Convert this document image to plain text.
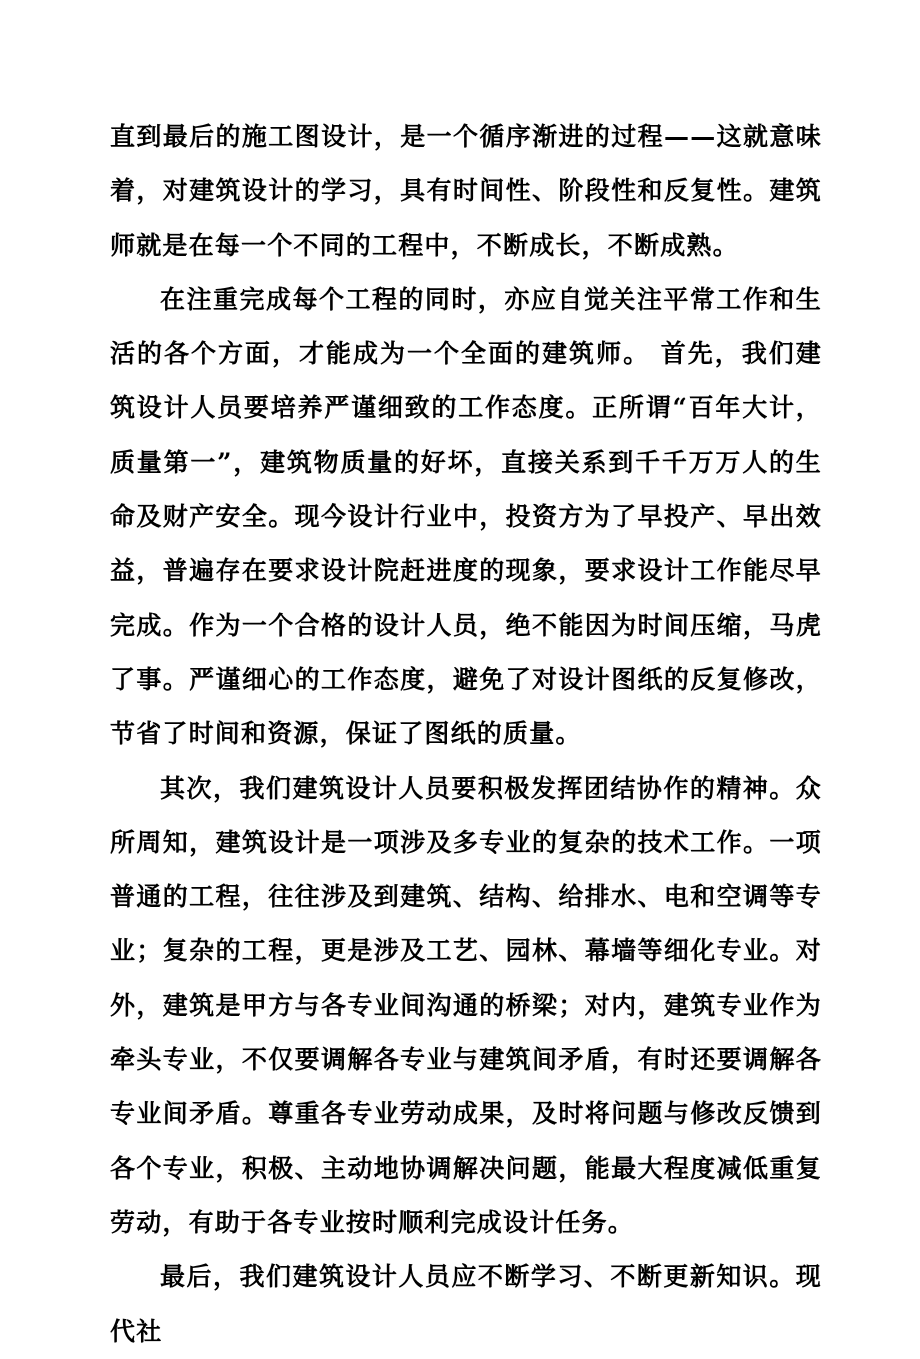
直到最后的施工图设计，是一个循序渐进的过程——这就意味着，对建筑设计的学习，具有时间性、阶段性和反复性。建筑师就是在每一个不同的工程中，不断成长，不断成熟。

在注重完成每个工程的同时，亦应自觉关注平常工作和生活的各个方面，才能成为一个全面的建筑师。 首先，我们建筑设计人员要培养严谨细致的工作态度。正所谓“百年大计，质量第一”，建筑物质量的好坏，直接关系到千千万万人的生命及财产安全。现今设计行业中，投资方为了早投产、早出效益，普遍存在要求设计院赶进度的现象，要求设计工作能尽早完成。作为一个合格的设计人员，绝不能因为时间压缩，马虎了事。严谨细心的工作态度，避免了对设计图纸的反复修改，节省了时间和资源，保证了图纸的质量。

其次，我们建筑设计人员要积极发挥团结协作的精神。众所周知，建筑设计是一项涉及多专业的复杂的技术工作。一项普通的工程，往往涉及到建筑、结构、给排水、电和空调等专业；复杂的工程，更是涉及工艺、园林、幕墙等细化专业。对外，建筑是甲方与各专业间沟通的桥梁；对内，建筑专业作为牵头专业，不仅要调解各专业与建筑间矛盾，有时还要调解各专业间矛盾。尊重各专业劳动成果，及时将问题与修改反馈到各个专业，积极、主动地协调解决问题，能最大程度减低重复劳动，有助于各专业按时顺利完成设计任务。

最后，我们建筑设计人员应不断学习、不断更新知识。现代社
